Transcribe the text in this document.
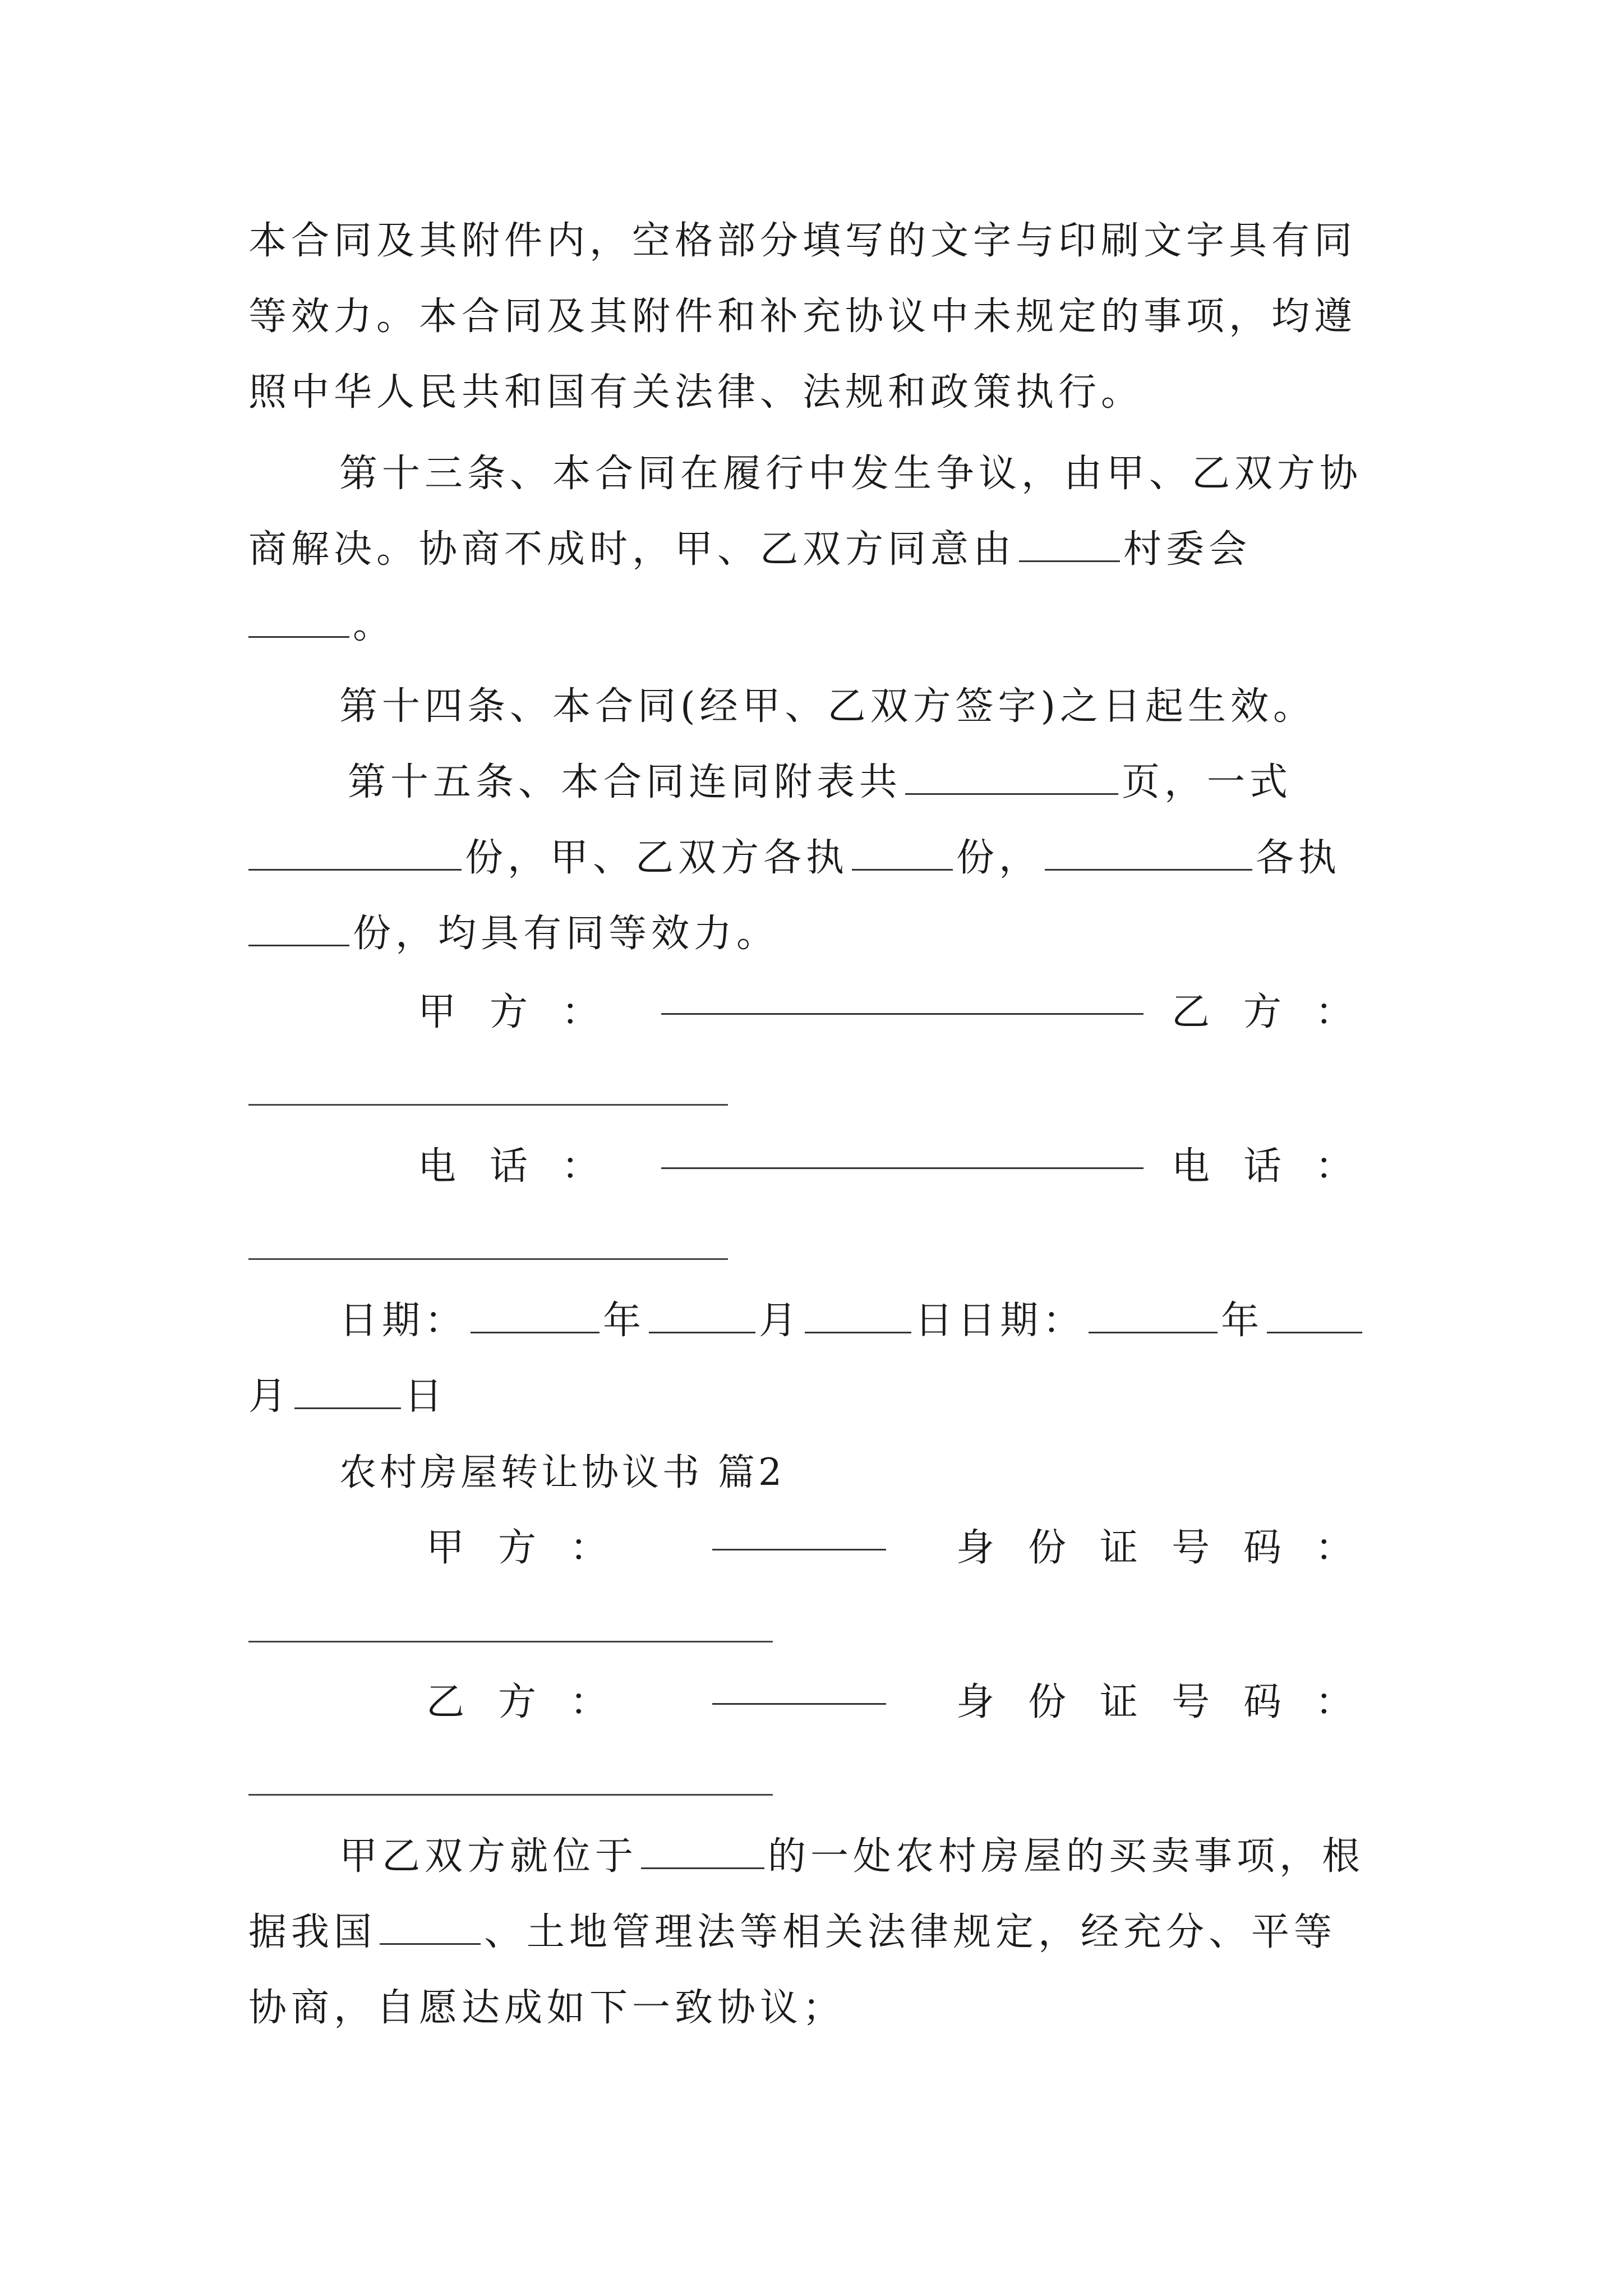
本合同及其附件内，空格部分填写的文字与印刷文字具有同
等效力。本合同及其附件和补充协议中未规定的事项，均遵
照中华人民共和国有关法律、法规和政策执行。
第十三条、本合同在履行中发生争议，由甲、乙双方协
商解决。协商不成时，甲、乙双方同意由	村委会
。
第十四条、本合同(经甲、乙双方签字)之日起生效。
第十五条、本合同连同附表共	页，一式
份，甲、乙双方各执	份，	各执
份，均具有同等效力。
甲方：	乙方：
电话：	电话：
日期：	年	月	日日期：	年
月	日
农村房屋转让协议书 篇2
甲方：	身份证号码：
乙方：	身份证号码：
甲乙双方就位于	的一处农村房屋的买卖事项，根
据我国	、土地管理法等相关法律规定，经充分、平等
协商，自愿达成如下一致协议；
